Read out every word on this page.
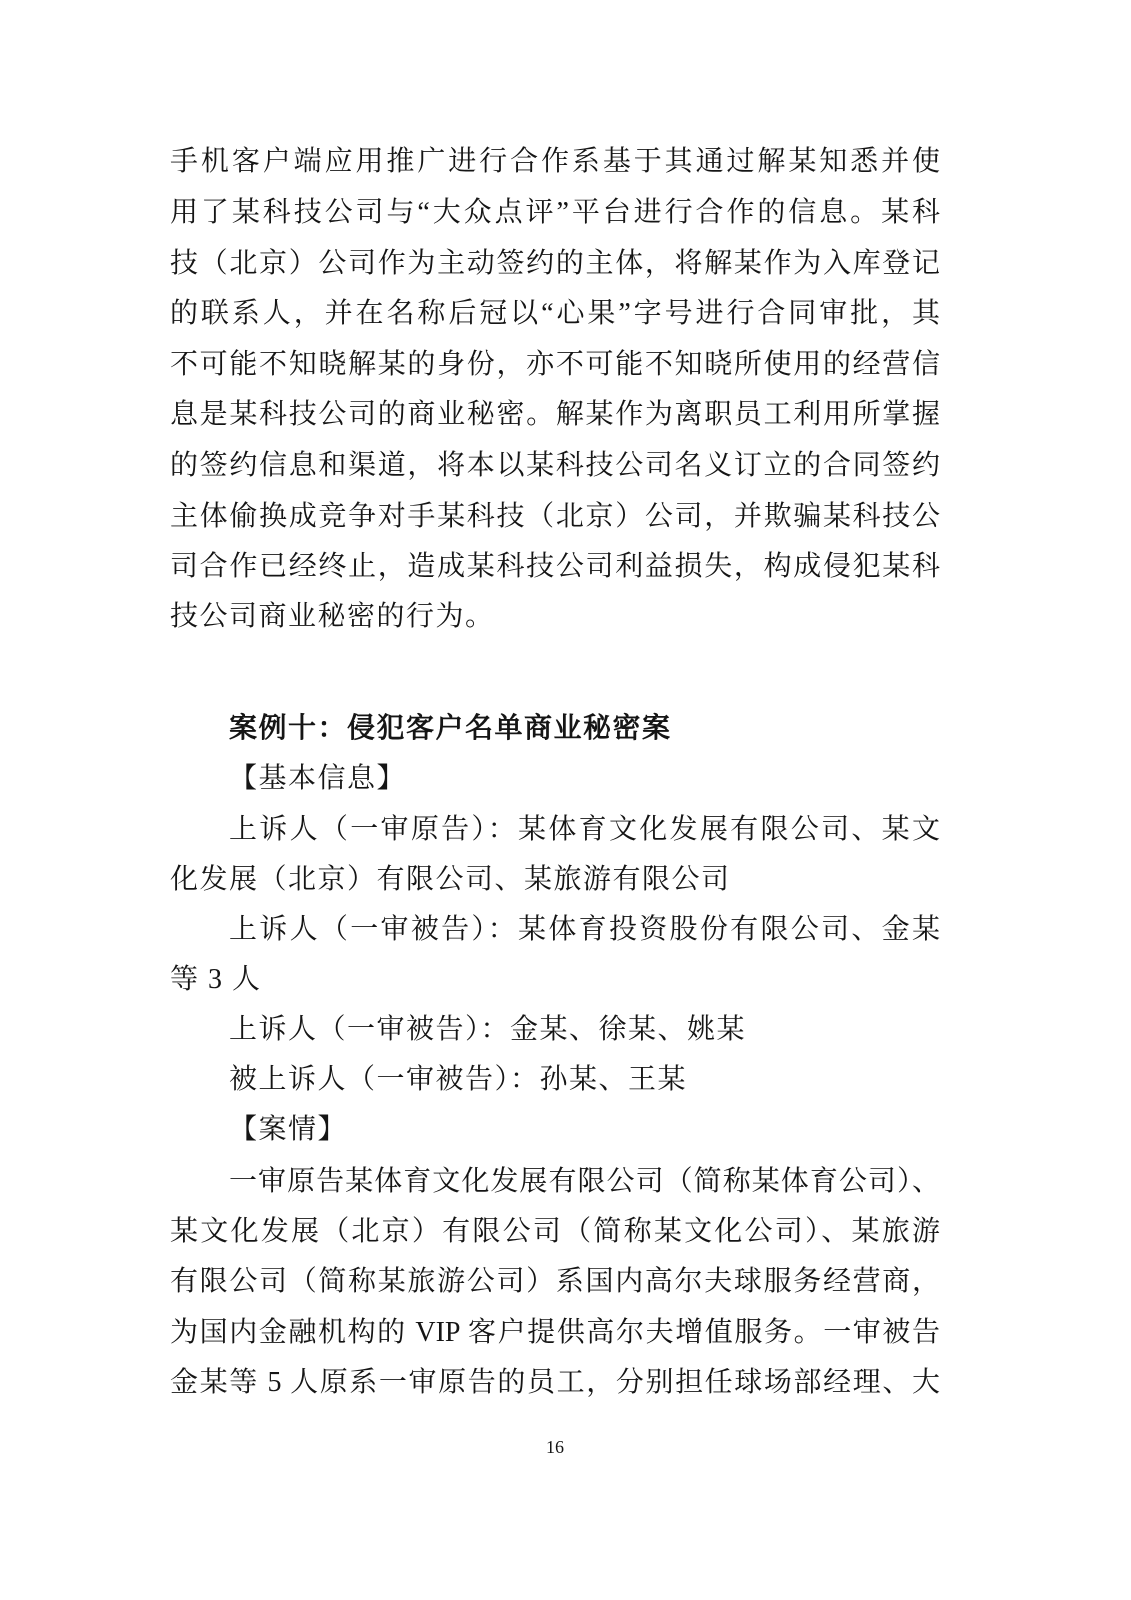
手机客户端应用推广进行合作系基于其通过解某知悉并使
用了某科技公司与“大众点评”平台进行合作的信息。某科
技（北京）公司作为主动签约的主体，将解某作为入库登记
的联系人，并在名称后冠以“心果”字号进行合同审批，其
不可能不知晓解某的身份，亦不可能不知晓所使用的经营信
息是某科技公司的商业秘密。解某作为离职员工利用所掌握
的签约信息和渠道，将本以某科技公司名义订立的合同签约
主体偷换成竞争对手某科技（北京）公司，并欺骗某科技公
司合作已经终止，造成某科技公司利益损失，构成侵犯某科
技公司商业秘密的行为。
案例十：侵犯客户名单商业秘密案
【基本信息】
上诉人（一审原告）：某体育文化发展有限公司、某文
化发展（北京）有限公司、某旅游有限公司
上诉人（一审被告）：某体育投资股份有限公司、金某
等 3 人
上诉人（一审被告）：金某、徐某、姚某
被上诉人（一审被告）：孙某、王某
【案情】
一审原告某体育文化发展有限公司（简称某体育公司）、
某文化发展（北京）有限公司（简称某文化公司）、某旅游
有限公司（简称某旅游公司）系国内高尔夫球服务经营商，
为国内金融机构的 VIP 客户提供高尔夫增值服务。一审被告
金某等 5 人原系一审原告的员工，分别担任球场部经理、大
16
